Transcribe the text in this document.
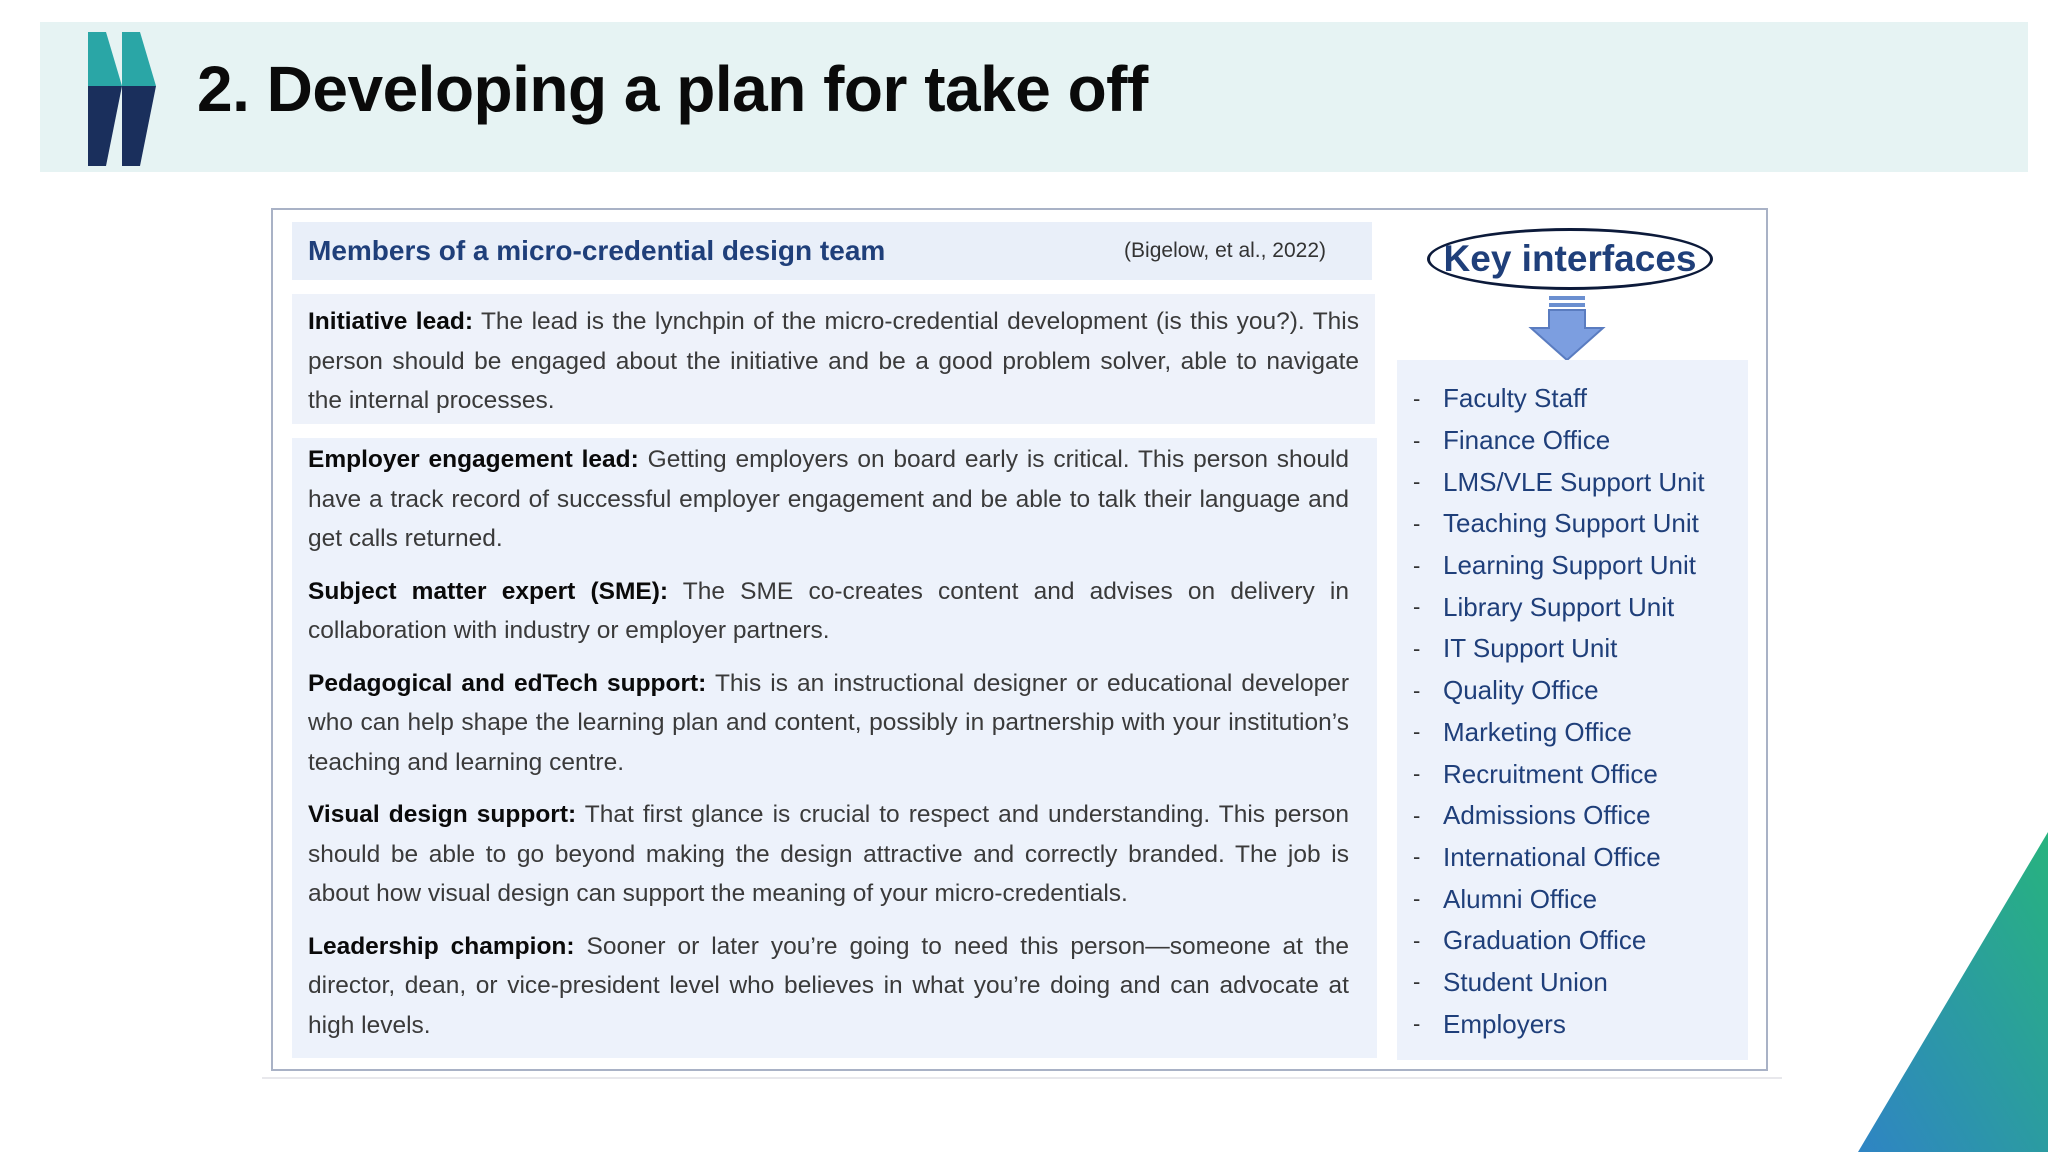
2. Developing a plan for take off
Members of a micro-credential design team	(Bigelow, et al., 2022)

Initiative lead: The lead is the lynchpin of the micro-credential development (is this you?). This person should be engaged about the initiative and be a good problem solver, able to navigate the internal processes.

Employer engagement lead: Getting employers on board early is critical. This person should have a track record of successful employer engagement and be able to talk their language and get calls returned.

Subject matter expert (SME): The SME co-creates content and advises on delivery in collaboration with industry or employer partners.

Pedagogical and edTech support: This is an instructional designer or educational developer who can help shape the learning plan and content, possibly in partnership with your institution’s teaching and learning centre.

Visual design support: That first glance is crucial to respect and understanding. This person should be able to go beyond making the design attractive and correctly branded. The job is about how visual design can support the meaning of your micro-credentials.

Leadership champion: Sooner or later you’re going to need this person—someone at the director, dean, or vice-president level who believes in what you’re doing and can advocate at high levels.

Key interfaces
- Faculty Staff
- Finance Office
- LMS/VLE Support Unit
- Teaching Support Unit
- Learning Support Unit
- Library Support Unit
- IT Support Unit
- Quality Office
- Marketing Office
- Recruitment Office
- Admissions Office
- International Office
- Alumni Office
- Graduation Office
- Student Union
- Employers
